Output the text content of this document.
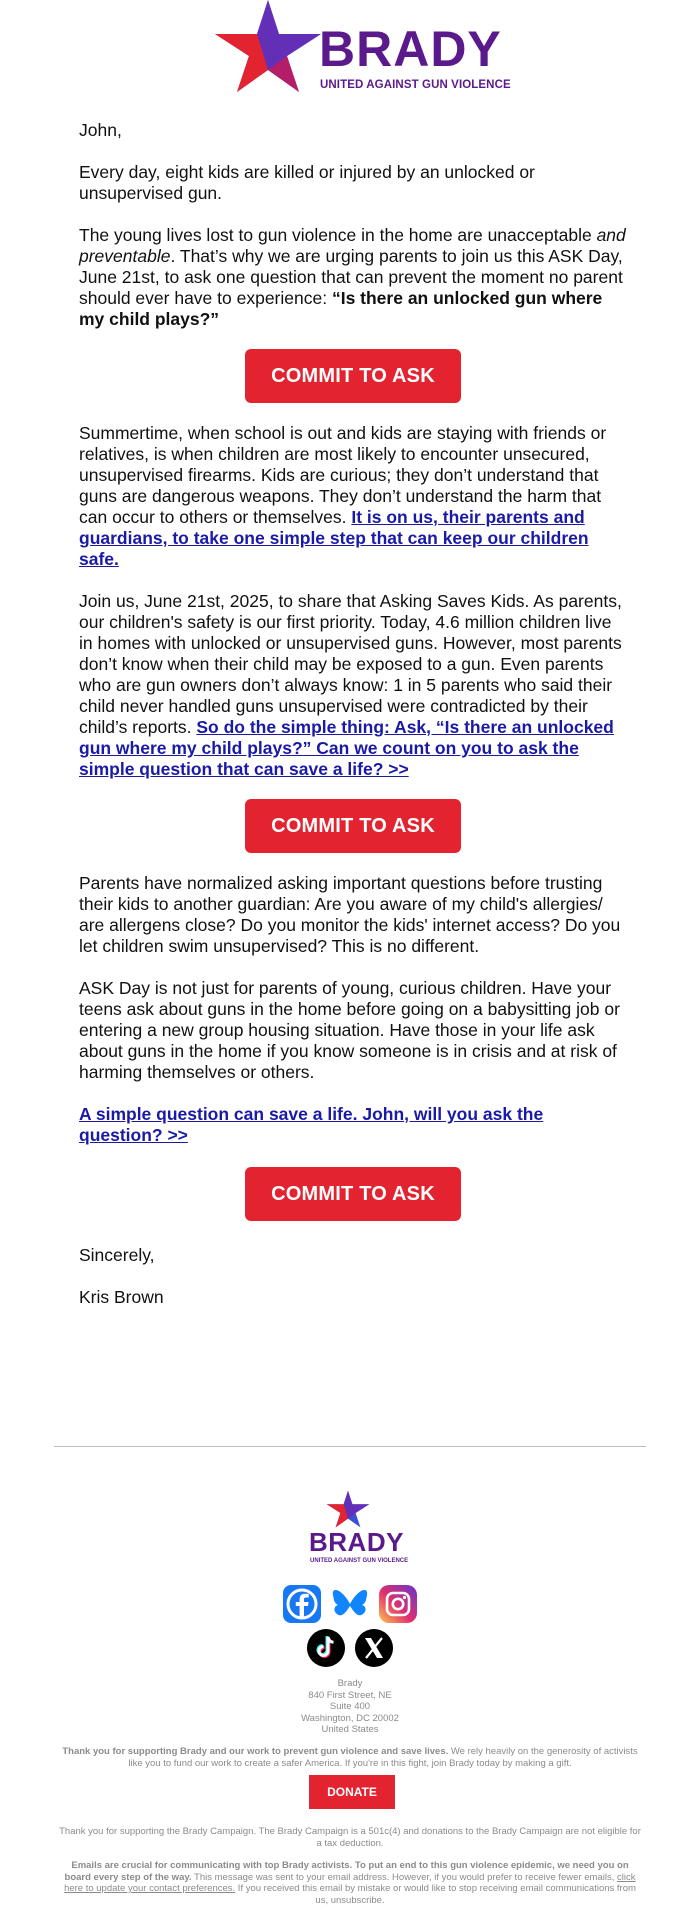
BRADY
UNITED AGAINST GUN VIOLENCE

John,

Every day, eight kids are killed or injured by an unlocked or unsupervised gun.

The young lives lost to gun violence in the home are unacceptable and preventable. That’s why we are urging parents to join us this ASK Day, June 21st, to ask one question that can prevent the moment no parent should ever have to experience: “Is there an unlocked gun where my child plays?”

COMMIT TO ASK

Summertime, when school is out and kids are staying with friends or relatives, is when children are most likely to encounter unsecured, unsupervised firearms. Kids are curious; they don’t understand that guns are dangerous weapons. They don’t understand the harm that can occur to others or themselves. It is on us, their parents and guardians, to take one simple step that can keep our children safe.

Join us, June 21st, 2025, to share that Asking Saves Kids. As parents, our children's safety is our first priority. Today, 4.6 million children live in homes with unlocked or unsupervised guns. However, most parents don’t know when their child may be exposed to a gun. Even parents who are gun owners don’t always know: 1 in 5 parents who said their child never handled guns unsupervised were contradicted by their child’s reports. So do the simple thing: Ask, “Is there an unlocked gun where my child plays?” Can we count on you to ask the simple question that can save a life? >>

COMMIT TO ASK

Parents have normalized asking important questions before trusting their kids to another guardian: Are you aware of my child's allergies/ are allergens close? Do you monitor the kids' internet access? Do you let children swim unsupervised? This is no different.

ASK Day is not just for parents of young, curious children. Have your teens ask about guns in the home before going on a babysitting job or entering a new group housing situation. Have those in your life ask about guns in the home if you know someone is in crisis and at risk of harming themselves or others.

A simple question can save a life. John, will you ask the question? >>

COMMIT TO ASK

Sincerely,

Kris Brown

BRADY
UNITED AGAINST GUN VIOLENCE

Brady
840 First Street, NE
Suite 400
Washington, DC 20002
United States
Thank you for supporting Brady and our work to prevent gun violence and save lives. We rely heavily on the generosity of activists like you to fund our work to create a safer America. If you're in this fight, join Brady today by making a gift.
DONATE
Thank you for supporting the Brady Campaign. The Brady Campaign is a 501c(4) and donations to the Brady Campaign are not eligible for a tax deduction.
Emails are crucial for communicating with top Brady activists. To put an end to this gun violence epidemic, we need you on board every step of the way. This message was sent to your email address. However, if you would prefer to receive fewer emails, click here to update your contact preferences. If you received this email by mistake or would like to stop receiving email communications from us, unsubscribe.
